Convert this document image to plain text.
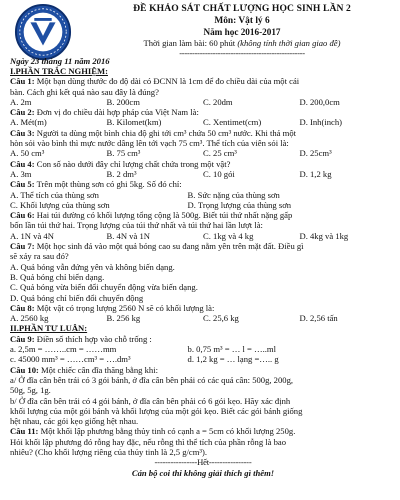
ĐỀ KHẢO SÁT CHẤT LƯỢNG HỌC SINH LẦN 2
Môn: Vật lý 6
Năm học 2016-2017
Thời gian làm bài: 60 phút (không tính thời gian giao đề)
-------------------------------------------------
Ngày 23 tháng 11 năm 2016
I.PHẦN TRẮC NGHIỆM:
Câu 1: Một bạn dùng thước đo độ dài có ĐCNN là 1cm để đo chiều dài của một cái
bàn. Cách ghi kết quả nào sau đây là đúng?
A. 2m	B. 200cm	C. 20dm	D. 200,0cm
Câu 2: Đơn vị đo chiều dài hợp pháp của Việt Nam là:
A. Mét(m)	B. Kilomet(km)	C. Xentimet(cm)	D. Inh(inch)
Câu 3: Người ta dùng một bình chia độ ghi tới cm³ chứa 50 cm³ nước. Khi thả một
hòn sỏi vào bình thì mực nước dâng lên tới vạch 75 cm³. Thể tích của viên sỏi là:
A. 50 cm³	B. 75 cm³	C. 25 cm³	D. 25cm³
Câu 4: Con số nào dưới đây chỉ lượng chất chứa trong một vật?
A. 3m	B. 2 dm³	C. 10 gói	D. 1,2 kg
Câu 5: Trên một thùng sơn có ghi 5kg. Số đó chỉ:
A. Thể tích của thùng sơn	B. Sức nặng của thùng sơn
C. Khối lượng của thùng sơn	D. Trọng lượng của thùng sơn
Câu 6: Hai túi đường có khối lượng tổng cộng là 500g. Biết túi thứ nhất nặng gấp
bốn lần túi thứ hai. Trọng lượng của túi thứ nhất và túi thứ hai lần lượt là:
A. 1N và 4N	B. 4N và 1N	C. 1kg và 4 kg	D. 4kg và 1kg
Câu 7: Một học sinh đá vào một quả bóng cao su đang nằm yên trên mặt đất. Điều gì
sẽ xảy ra sau đó?
A. Quả bóng vẫn đứng yên và không biến dạng.
B. Quả bóng chỉ biến dạng.
C. Quả bóng vừa biến đổi chuyển động vừa biến dạng.
D. Quả bóng chỉ biến đổi chuyển động
Câu 8: Một vật có trọng lượng 2560 N sẽ có khối lượng là:
A. 2560 kg	B. 256 kg	C. 25,6 kg	D. 2,56 tấn
II.PHẦN TỰ LUẬN:
Câu 9: Điền số thích hợp vào chỗ trống :
a. 2,5m = ……..cm = ……mm	b. 0,75 m³ = … l = …..ml
c. 45000 mm³ = ……cm³ = ….dm³	d. 1,2 kg = … lạng =….. g
Câu 10: Một chiếc cân đĩa thăng bằng khi:
a/ Ở đĩa cân bên trái có 3 gói bánh, ở đĩa cân bên phải có các quả cân: 500g, 200g,
50g, 5g, 1g.
b/ Ở đĩa cân bên trái có 4 gói bánh, ở đĩa cân bên phải có 6 gói kẹo. Hãy xác định
khối lượng của một gói bánh và khối lượng của một gói kẹo. Biết các gói bánh giống
hệt nhau, các gói kẹo giống hệt nhau.
Câu 11: Một khối lập phương bằng thủy tinh có cạnh a = 5cm có khối lượng 250g.
Hỏi khối lập phương đó rỗng hay đặc, nếu rỗng thì thể tích của phần rỗng là bao
nhiêu? (Cho khối lượng riêng của thủy tinh là 2,5 g/cm³).
----------------Hết----------------
Cán bộ coi thi không giải thích gì thêm!
